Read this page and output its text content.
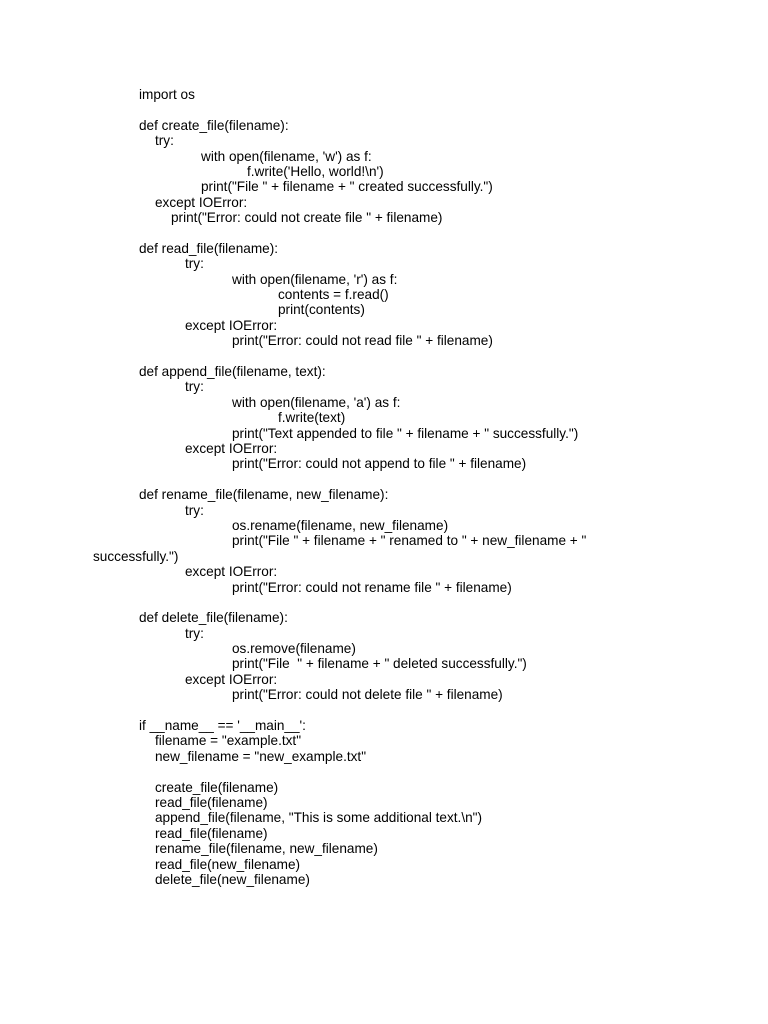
import os
def create_file(filename):
try:
with open(filename, 'w') as f:
f.write('Hello, world!\n')
print("File " + filename + " created successfully.")
except IOError:
print("Error: could not create file " + filename)
def read_file(filename):
try:
with open(filename, 'r') as f:
contents = f.read()
print(contents)
except IOError:
print("Error: could not read file " + filename)
def append_file(filename, text):
try:
with open(filename, 'a') as f:
f.write(text)
print("Text appended to file " + filename + " successfully.")
except IOError:
print("Error: could not append to file " + filename)
def rename_file(filename, new_filename):
try:
os.rename(filename, new_filename)
print("File " + filename + " renamed to " + new_filename + "
successfully.")
except IOError:
print("Error: could not rename file " + filename)
def delete_file(filename):
try:
os.remove(filename)
print("File  " + filename + " deleted successfully.")
except IOError:
print("Error: could not delete file " + filename)
if __name__ == '__main__':
filename = "example.txt"
new_filename = "new_example.txt"
create_file(filename)
read_file(filename)
append_file(filename, "This is some additional text.\n")
read_file(filename)
rename_file(filename, new_filename)
read_file(new_filename)
delete_file(new_filename)
